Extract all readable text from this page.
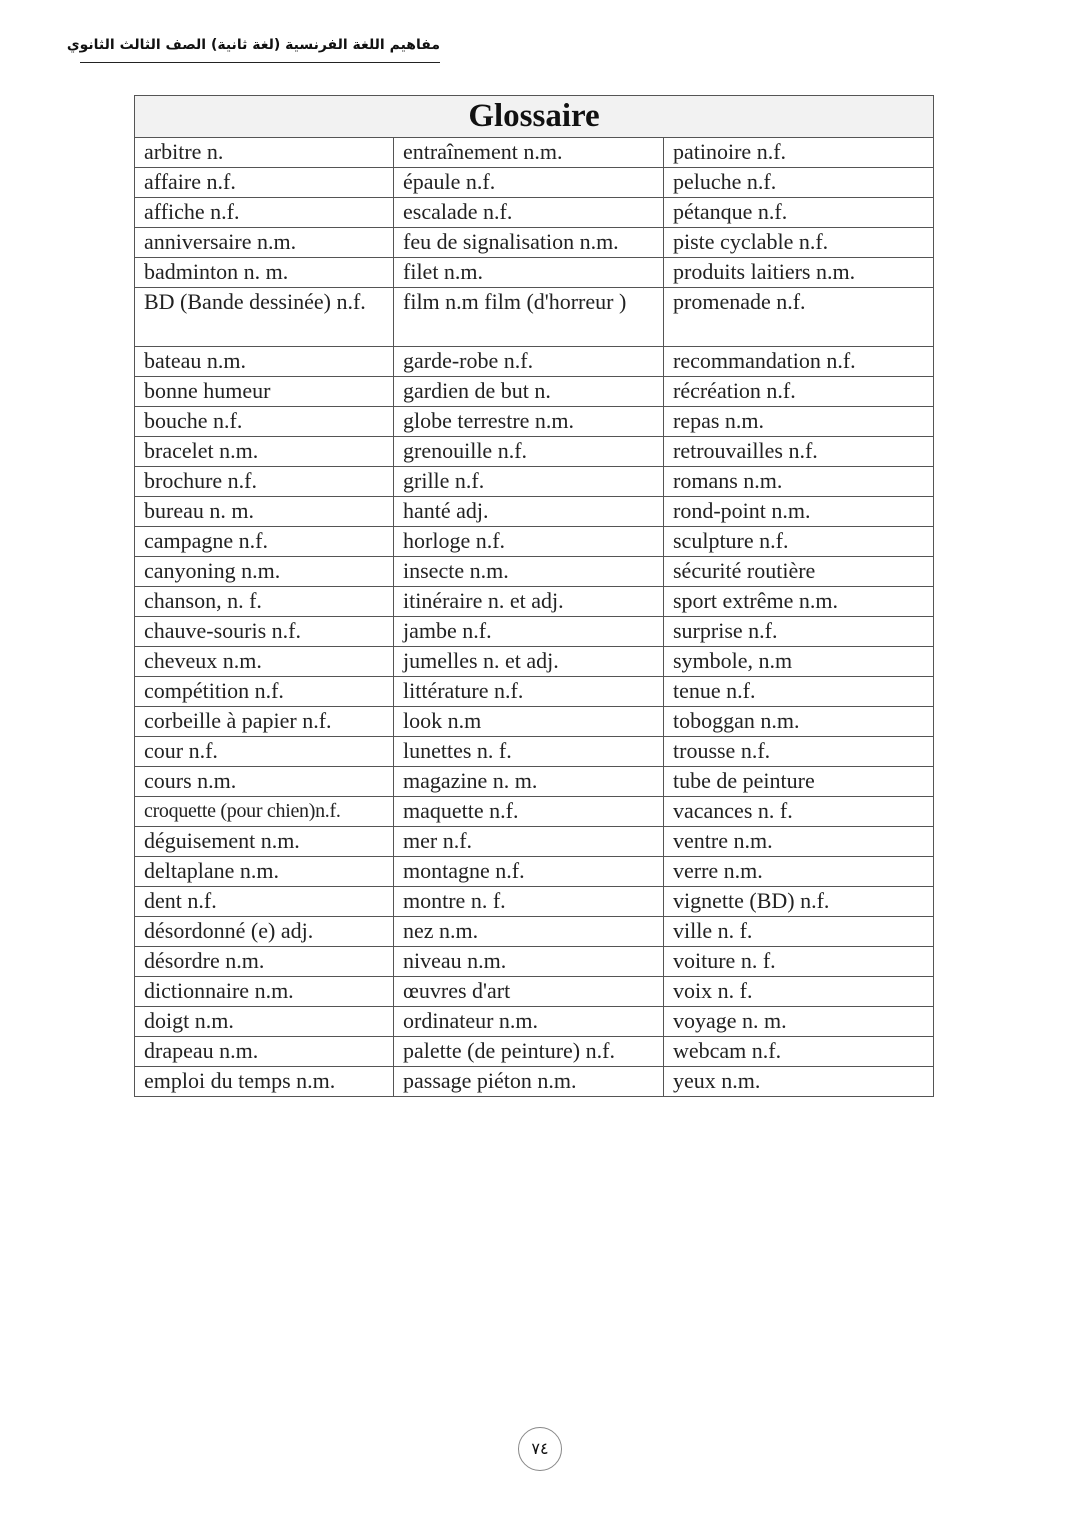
مفاهيم اللغة الفرنسية (لغة ثانية) الصف الثالث الثانوي
Glossaire		
arbitre n.	entraînement n.m.	patinoire n.f.
affaire n.f.	épaule n.f.	peluche n.f.
affiche n.f.	escalade n.f.	pétanque n.f.
anniversaire n.m.	feu de signalisation n.m.	piste cyclable n.f.
badminton n. m.	filet n.m.	produits laitiers n.m.
BD (Bande dessinée) n.f.	film n.m film (d'horreur )	promenade n.f.
bateau n.m.	garde-robe n.f.	recommandation n.f.
bonne humeur	gardien de but n.	récréation n.f.
bouche n.f.	globe terrestre n.m.	repas n.m.
bracelet n.m.	grenouille n.f.	retrouvailles n.f.
brochure n.f.	grille n.f.	romans n.m.
bureau n. m.	hanté adj.	rond-point n.m.
campagne n.f.	horloge n.f.	sculpture n.f.
canyoning n.m.	insecte n.m.	sécurité routière
chanson, n. f.	itinéraire n. et adj.	sport extrême n.m.
chauve-souris n.f.	jambe n.f.	surprise n.f.
cheveux n.m.	jumelles n. et adj.	symbole, n.m
compétition n.f.	littérature n.f.	tenue n.f.
corbeille à papier n.f.	look n.m	toboggan n.m.
cour n.f.	lunettes n. f.	trousse n.f.
cours n.m.	magazine n. m.	tube de peinture
croquette (pour chien)n.f.	maquette n.f.	vacances n. f.
déguisement n.m.	mer n.f.	ventre n.m.
deltaplane n.m.	montagne n.f.	verre n.m.
dent n.f.	montre n. f.	vignette (BD) n.f.
désordonné (e) adj.	nez n.m.	ville n. f.
désordre n.m.	niveau n.m.	voiture n. f.
dictionnaire n.m.	œuvres d'art	voix n. f.
doigt n.m.	ordinateur n.m.	voyage n. m.
drapeau n.m.	palette (de peinture) n.f.	webcam n.f.
emploi du temps n.m.	passage piéton n.m.	yeux n.m.
٧٤
